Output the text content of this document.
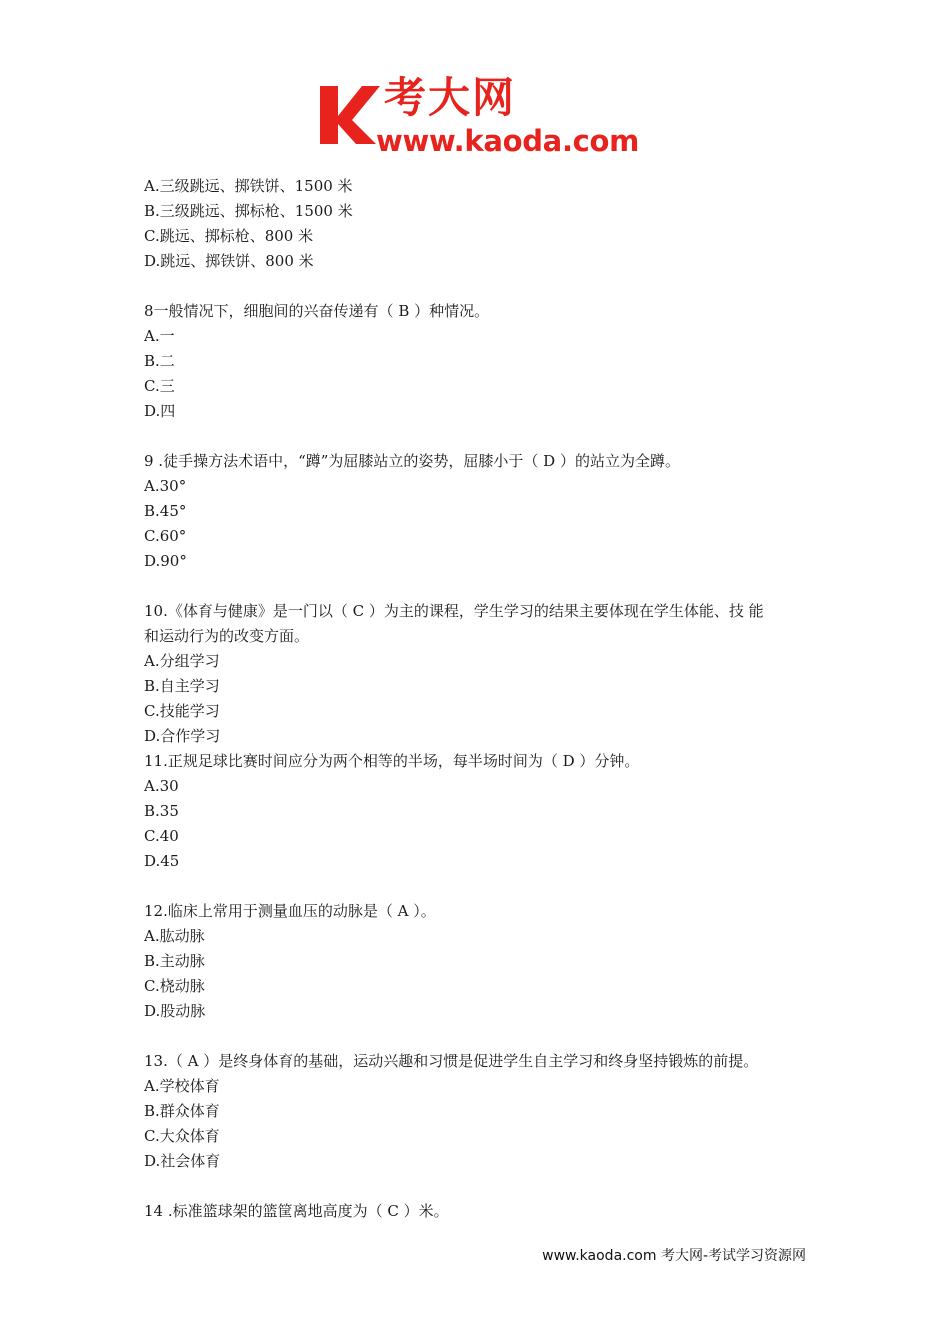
考大网
www.kaoda.com
A.三级跳远、掷铁饼、1500 米
B.三级跳远、掷标枪、1500 米
C.跳远、掷标枪、800 米
D.跳远、掷铁饼、800 米
8一般情况下，细胞间的兴奋传递有（ B ）种情况。
A.一
B.二
C.三
D.四
9 .徒手操方法术语中，“蹲”为屈膝站立的姿势，屈膝小于（ D ）的站立为全蹲。
A.30°
B.45°
C.60°
D.90°
10.《体育与健康》是一门以（ C ）为主的课程，学生学习的结果主要体现在学生体能、技 能
和运动行为的改变方面。
A.分组学习
B.自主学习
C.技能学习
D.合作学习
11.正规足球比赛时间应分为两个相等的半场，每半场时间为（ D ）分钟。
A.30
B.35
C.40
D.45
12.临床上常用于测量血压的动脉是（ A ）。
A.肱动脉
B.主动脉
C.桡动脉
D.股动脉
13.（ A ）是终身体育的基础，运动兴趣和习惯是促进学生自主学习和终身坚持锻炼的前提。
A.学校体育
B.群众体育
C.大众体育
D.社会体育
14 .标准篮球架的篮筐离地高度为（ C ）米。
www.kaoda.com 考大网-考试学习资源网
